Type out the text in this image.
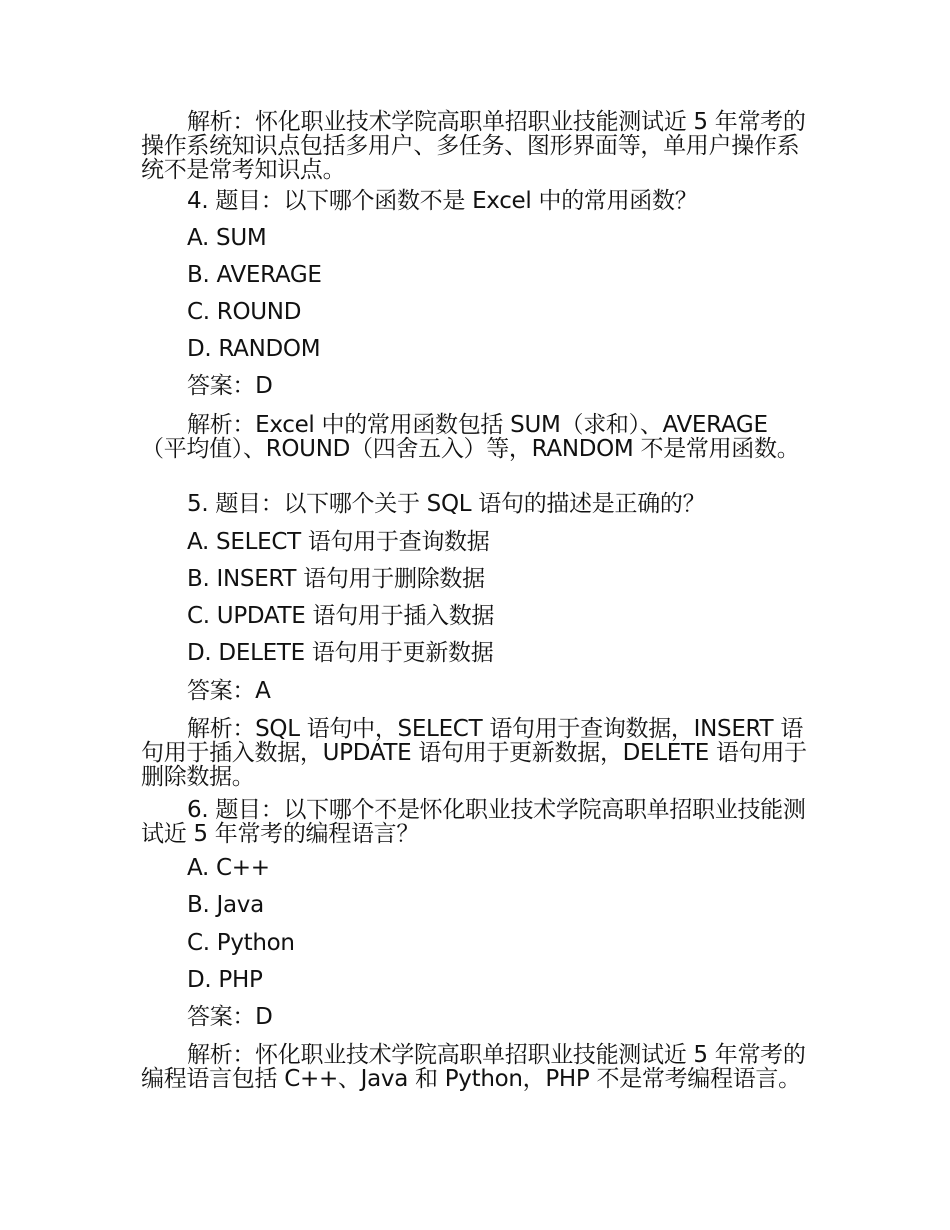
解析：怀化职业技术学院高职单招职业技能测试近 5 年常考的操作系统知识点包括多用户、多任务、图形界面等，单用户操作系统不是常考知识点。
4. 题目：以下哪个函数不是 Excel 中的常用函数？
A. SUM
B. AVERAGE
C. ROUND
D. RANDOM
答案：D
解析：Excel 中的常用函数包括 SUM（求和）、AVERAGE（平均值）、ROUND（四舍五入）等，RANDOM 不是常用函数。
5. 题目：以下哪个关于 SQL 语句的描述是正确的？
A. SELECT 语句用于查询数据
B. INSERT 语句用于删除数据
C. UPDATE 语句用于插入数据
D. DELETE 语句用于更新数据
答案：A
解析：SQL 语句中，SELECT 语句用于查询数据，INSERT 语句用于插入数据，UPDATE 语句用于更新数据，DELETE 语句用于删除数据。
6. 题目：以下哪个不是怀化职业技术学院高职单招职业技能测试近 5 年常考的编程语言？
A. C++
B. Java
C. Python
D. PHP
答案：D
解析：怀化职业技术学院高职单招职业技能测试近 5 年常考的编程语言包括 C++、Java 和 Python，PHP 不是常考编程语言。
